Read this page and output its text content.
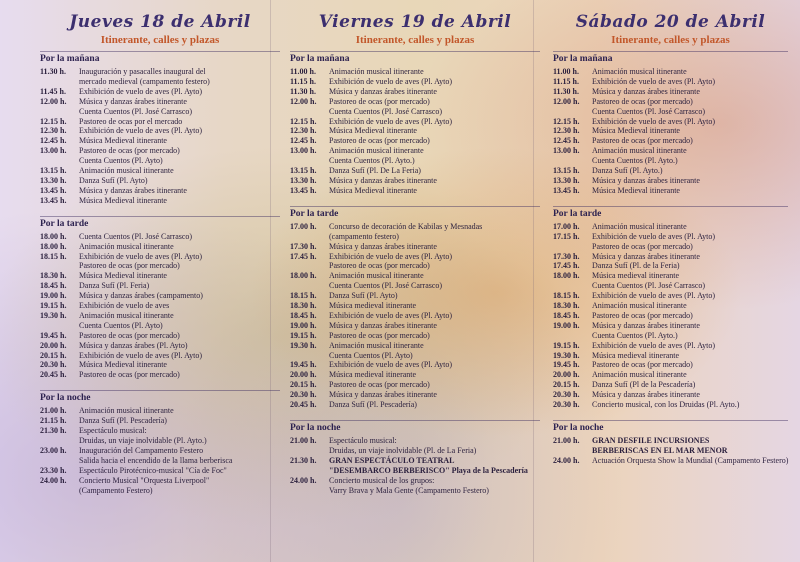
Jueves 18 de Abril
Itinerante, calles y plazas
Por la mañana
11.30 h.	Inauguración y pasacalles inaugural del
mercado medieval (campamento festero)
11.45 h.	Exhibición de vuelo de aves (Pl. Ayto)
12.00 h.	Música y danzas árabes itinerante
Cuenta Cuentos (Pl. José Carrasco)
12.15 h.	Pastoreo de ocas por el mercado
12.30 h.	Exhibición de vuelo de aves (Pl. Ayto)
12.45 h.	Música Medieval itinerante
13.00 h.	Pastoreo de ocas (por mercado)
Cuenta Cuentos (Pl. Ayto)
13.15 h.	Animación musical itinerante
13.30 h.	Danza Sufí (Pl. Ayto)
13.45 h.	Música y danzas árabes itinerante
13.45 h.	Música Medieval itinerante
Por la tarde
18.00 h.	Cuenta Cuentos (Pl. José Carrasco)
18.00 h.	Animación musical itinerante
18.15 h.	Exhibición de vuelo de aves (Pl. Ayto)
Pastoreo de ocas (por mercado)
18.30 h.	Música Medieval itinerante
18.45 h.	Danza Sufí (Pl. Feria)
19.00 h.	Música y danzas árabes (campamento)
19.15 h.	Exhibición de vuelo de aves
19.30 h.	Animación musical itinerante
Cuenta Cuentos (Pl. Ayto)
19.45 h.	Pastoreo de ocas (por mercado)
20.00 h.	Música y danzas árabes (Pl. Ayto)
20.15 h.	Exhibición de vuelo de aves (Pl. Ayto)
20.30 h.	Música Medieval itinerante
20.45 h.	Pastoreo de ocas (por mercado)
Por la noche
21.00 h.	Animación musical itinerante
21.15 h.	Danza Sufí (Pl. Pescadería)
21.30 h.	Espectáculo musical:
Druidas, un viaje inolvidable (Pl. Ayto.)
23.00 h.	Inauguración del Campamento Festero
Salida hacia el encendido de la llama berberisca
23.30 h.	Espectáculo Pirotécnico-musical "Cía de Foc"
24.00 h.	Concierto Musical "Orquesta Liverpool"
(Campamento Festero)
Viernes 19 de Abril
Itinerante, calles y plazas
Por la mañana
11.00 h.	Animación musical itinerante
11.15 h.	Exhibición de vuelo de aves (Pl. Ayto)
11.30 h.	Música y danzas árabes itinerante
12.00 h.	Pastoreo de ocas (por mercado)
Cuenta Cuentos (Pl. José Carrasco)
12.15 h.	Exhibición de vuelo de aves (Pl. Ayto)
12.30 h.	Música Medieval itinerante
12.45 h.	Pastoreo de ocas (por mercado)
13.00 h.	Animación musical itinerante
Cuenta Cuentos (Pl. Ayto.)
13.15 h.	Danza Sufí (Pl. De La Feria)
13.30 h.	Música y danzas árabes itinerante
13.45 h.	Música Medieval itinerante
Por la tarde
17.00 h.	Concurso de decoración de Kabilas y Mesnadas
(campamento festero)
17.30 h.	Música y danzas árabes itinerante
17.45 h.	Exhibición de vuelo de aves (Pl. Ayto)
Pastoreo de ocas (por mercado)
18.00 h.	Animación musical itinerante
Cuenta Cuentos (Pl. José Carrasco)
18.15 h.	Danza Sufí (Pl. Ayto)
18.30 h.	Música medieval itinerante
18.45 h.	Exhibición de vuelo de aves (Pl. Ayto)
19.00 h.	Música y danzas árabes itinerante
19.15 h.	Pastoreo de ocas (por mercado)
19.30 h.	Animación musical itinerante
Cuenta Cuentos (Pl. Ayto)
19.45 h.	Exhibición de vuelo de aves (Pl. Ayto)
20.00 h.	Música medieval itinerante
20.15 h.	Pastoreo de ocas (por mercado)
20.30 h.	Música y danzas árabes itinerante
20.45 h.	Danza Sufí (Pl. Pescadería)
Por la noche
21.00 h.	Espectáculo musical:
Druidas, un viaje inolvidable (Pl. de La Feria)
21.30 h.	GRAN ESPECTÁCULO TEATRAL
"DESEMBARCO BERBERISCO" Playa de la Pescadería
24.00 h.	Concierto musical de los grupos:
Varry Brava y Mala Gente (Campamento Festero)
Sábado 20 de Abril
Itinerante, calles y plazas
Por la mañana
11.00 h.	Animación musical itinerante
11.15 h.	Exhibición de vuelo de aves (Pl. Ayto)
11.30 h.	Música y danzas árabes itinerante
12.00 h.	Pastoreo de ocas (por mercado)
Cuenta Cuentos (Pl. José Carrasco)
12.15 h.	Exhibición de vuelo de aves (Pl. Ayto)
12.30 h.	Música Medieval itinerante
12.45 h.	Pastoreo de ocas (por mercado)
13.00 h.	Animación musical itinerante
Cuenta Cuentos (Pl. Ayto.)
13.15 h.	Danza Sufí (Pl. Ayto.)
13.30 h.	Música y danzas árabes itinerante
13.45 h.	Música Medieval itinerante
Por la tarde
17.00 h.	Animación musical itinerante
17.15 h.	Exhibición de vuelo de aves (Pl. Ayto)
Pastoreo de ocas (por mercado)
17.30 h.	Música y danzas árabes itinerante
17.45 h.	Danza Sufí (Pl. de la Feria)
18.00 h.	Música medieval itinerante
Cuenta Cuentos (Pl. José Carrasco)
18.15 h.	Exhibición de vuelo de aves (Pl. Ayto)
18.30 h.	Animación musical itinerante
18.45 h.	Pastoreo de ocas (por mercado)
19.00 h.	Música y danzas árabes itinerante
Cuenta Cuentos (Pl. Ayto.)
19.15 h.	Exhibición de vuelo de aves (Pl. Ayto)
19.30 h.	Música medieval itinerante
19.45 h.	Pastoreo de ocas (por mercado)
20.00 h.	Animación musical itinerante
20.15 h.	Danza Sufí (Pl de la Pescadería)
20.30 h.	Música y danzas árabes itinerante
20.30 h.	Concierto musical, con los Druidas (Pl. Ayto.)
Por la noche
21.00 h.	GRAN DESFILE INCURSIONES
BERBERISCAS EN EL MAR MENOR
24.00 h.	Actuación Orquesta Show la Mundial (Campamento Festero)
